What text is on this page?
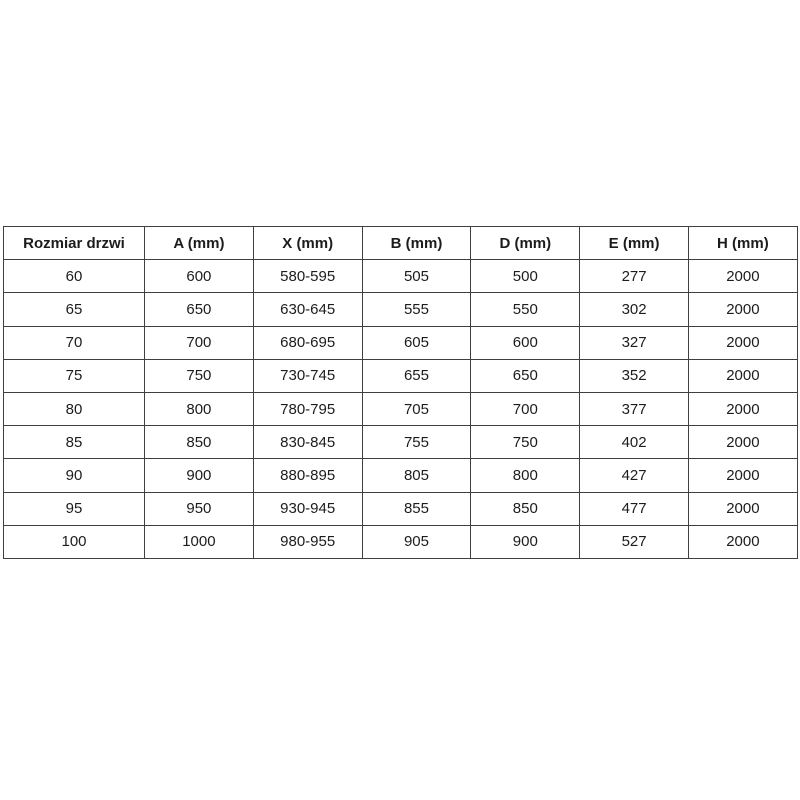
Rozmiar drzwi	A (mm)	X (mm)	B (mm)	D (mm)	E (mm)	H (mm)
60	600	580-595	505	500	277	2000
65	650	630-645	555	550	302	2000
70	700	680-695	605	600	327	2000
75	750	730-745	655	650	352	2000
80	800	780-795	705	700	377	2000
85	850	830-845	755	750	402	2000
90	900	880-895	805	800	427	2000
95	950	930-945	855	850	477	2000
100	1000	980-955	905	900	527	2000
